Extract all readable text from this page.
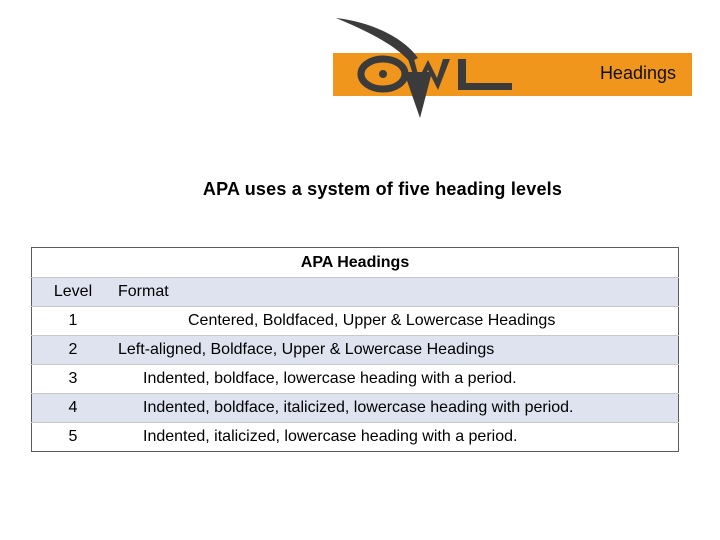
Headings
APA uses a system of five heading levels
APA Headings	
Level	Format
1	Centered, Boldfaced, Upper & Lowercase Headings
2	Left-aligned, Boldface, Upper & Lowercase Headings
3	Indented, boldface, lowercase heading with a period.
4	Indented, boldface, italicized, lowercase heading with period.
5	Indented, italicized, lowercase heading with a period.
